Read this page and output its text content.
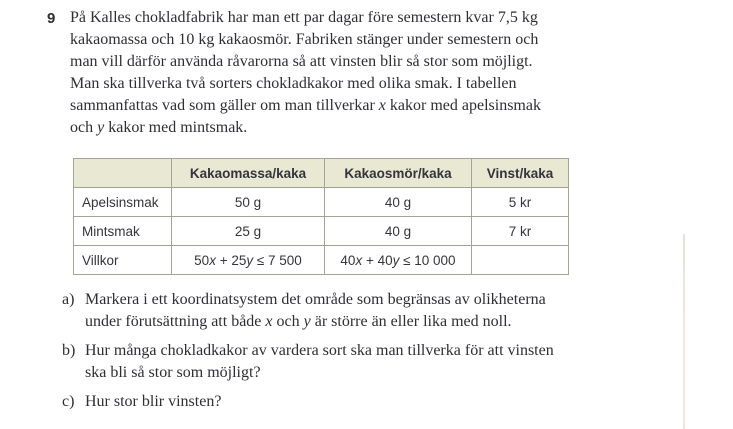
9 På Kalles chokladfabrik har man ett par dagar före semestern kvar 7,5 kg
kakaomassa och 10 kg kakaosmör. Fabriken stänger under semestern och
man vill därför använda råvarorna så att vinsten blir så stor som möjligt.
Man ska tillverka två sorters chokladkakor med olika smak. I tabellen
sammanfattas vad som gäller om man tillverkar x kakor med apelsinsmak
och y kakor med mintsmak.
	Kakaomassa/kaka	Kakaosmör/kaka	Vinst/kaka
Apelsinsmak	50 g	40 g	5 kr
Mintsmak	25 g	40 g	7 kr
Villkor	50x + 25y ≤ 7 500	40x + 40y ≤ 10 000	
a) Markera i ett koordinatsystem det område som begränsas av olikheterna
under förutsättning att både x och y är större än eller lika med noll.
b) Hur många chokladkakor av vardera sort ska man tillverka för att vinsten
ska bli så stor som möjligt?
c) Hur stor blir vinsten?
